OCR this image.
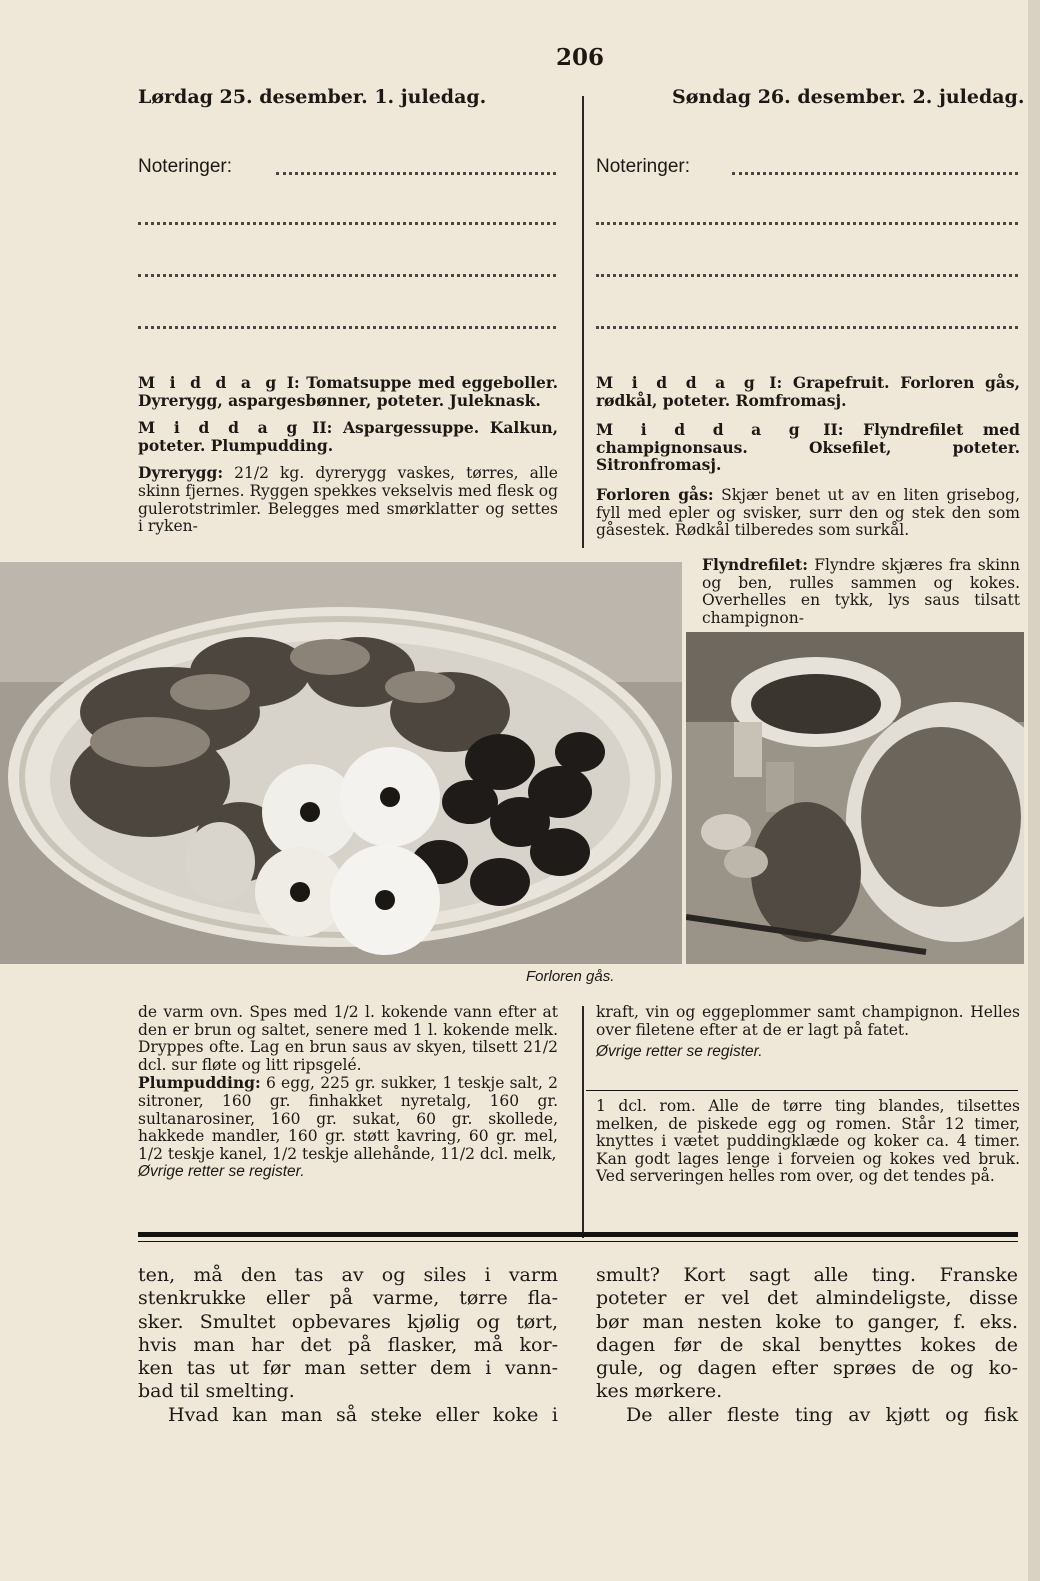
206
Lørdag 25. desember. 1. juledag.	Søndag 26. desember. 2. juledag.
Noteringer:	Noteringer:

M i d d a g I: Tomatsuppe med eggeboller. Dyrerygg, aspargesbønner, poteter. Juleknask.

M i d d a g II: Aspargessuppe. Kalkun, poteter. Plumpudding.

Dyrerygg: 21/2 kg. dyrerygg vaskes, tørres, alle skinn fjernes. Ryggen spekkes vekselvis med flesk og gulerotstrimler. Belegges med smørklatter og settes i ryken-

M i d d a g I: Grapefruit. Forloren gås, rødkål, poteter. Romfromasj.

M i d d a g II: Flyndrefilet med champignonsaus. Oksefilet, poteter. Sitronfromasj.

Forloren gås: Skjær benet ut av en liten grisebog, fyll med epler og svisker, surr den og stek den som gåsestek. Rødkål tilberedes som surkål.

Flyndrefilet: Flyndre skjæres fra skinn og ben, rulles sammen og kokes. Overhelles en tykk, lys saus tilsatt champignon-

Forloren gås.

de varm ovn. Spes med 1/2 l. kokende vann efter at den er brun og saltet, senere med 1 l. kokende melk. Dryppes ofte. Lag en brun saus av skyen, tilsett 21/2 dcl. sur fløte og litt ripsgelé.

Plumpudding: 6 egg, 225 gr. sukker, 1 teskje salt, 2 sitroner, 160 gr. finhakket nyretalg, 160 gr. sultanarosiner, 160 gr. sukat, 60 gr. skollede, hakkede mandler, 160 gr. støtt kavring, 60 gr. mel, 1/2 teskje kanel, 1/2 teskje allehånde, 11/2 dcl. melk,

Øvrige retter se register.

kraft, vin og eggeplommer samt champignon. Helles over filetene efter at de er lagt på fatet.

Øvrige retter se register.

1 dcl. rom. Alle de tørre ting blandes, tilsettes melken, de piskede egg og romen. Står 12 timer, knyttes i vætet puddingklæde og koker ca. 4 timer. Kan godt lages lenge i forveien og kokes ved bruk. Ved serveringen helles rom over, og det tendes på.

ten, må den tas av og siles i varm

stenkrukke eller på varme, tørre fla-

sker. Smultet opbevares kjølig og tørt,

hvis man har det på flasker, må kor-

ken tas ut før man setter dem i vann-

bad til smelting.

Hvad kan man så steke eller koke i

smult? Kort sagt alle ting. Franske

poteter er vel det almindeligste, disse

bør man nesten koke to ganger, f. eks.

dagen før de skal benyttes kokes de

gule, og dagen efter sprøes de og ko-

kes mørkere.

De aller fleste ting av kjøtt og fisk
